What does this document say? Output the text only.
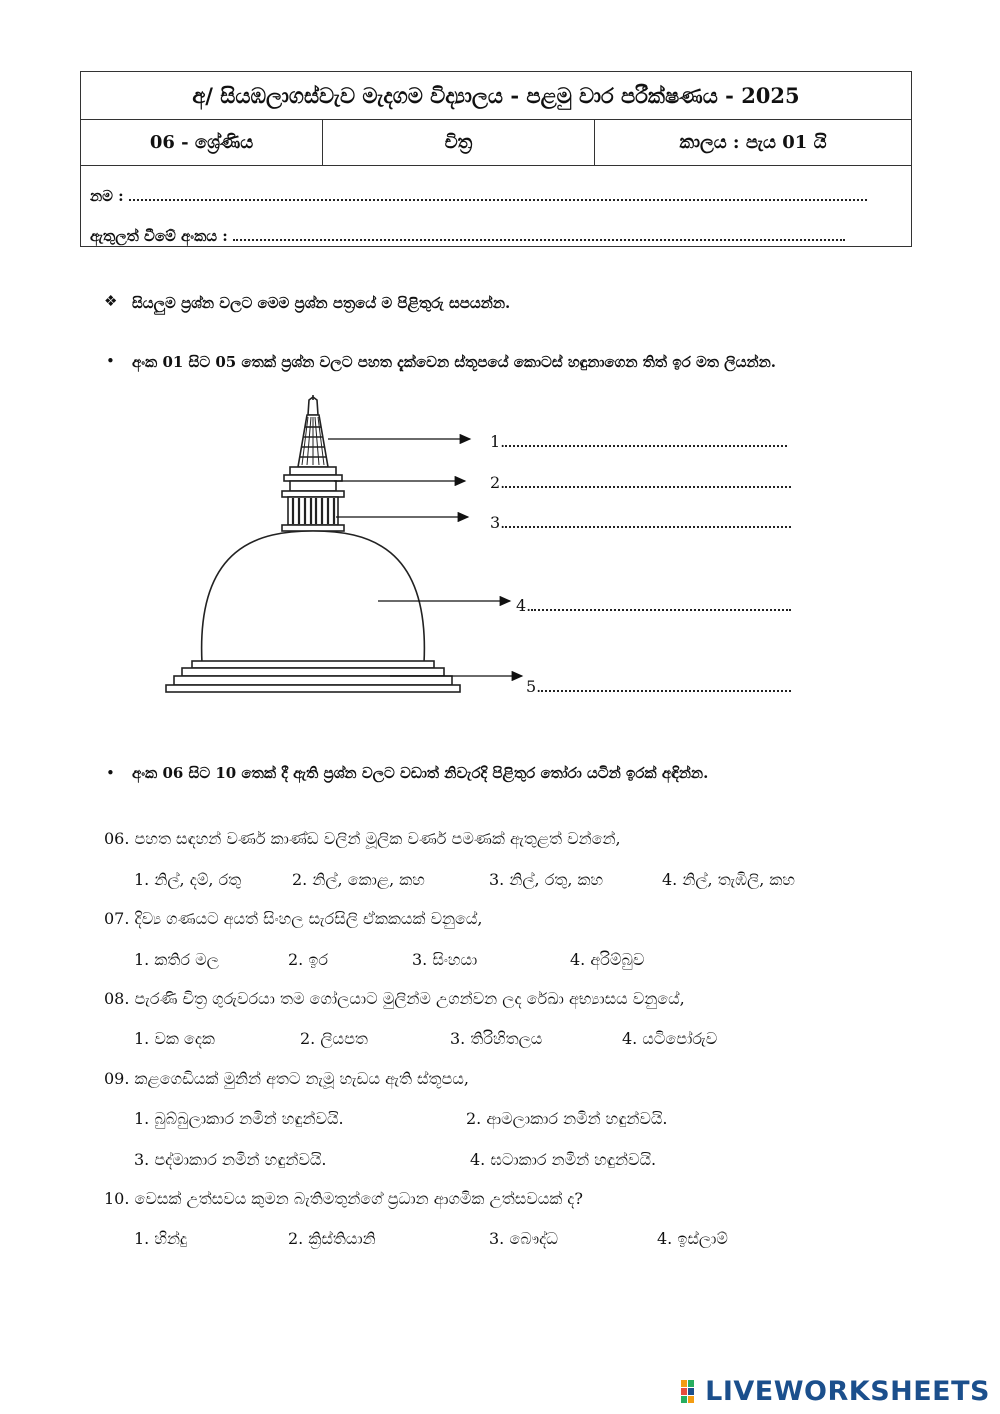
අ/ සියඹලාගස්වැව මැදගම විද්‍යාලය - පළමු වාර පරීක්ෂණය - 2025
06 - ශ්‍රේණිය	චිත්‍ර	කාලය : පැය 01 යි
නම :
ඇතුලත් වීමේ අංකය :
❖ සියලුම ප්‍රශ්න වලට මෙම ප්‍රශ්න පත්‍රයේ ම පිළිතුරු සපයන්න.
• අංක 01 සිට 05 තෙක් ප්‍රශ්න වලට පහත දැක්වෙන ස්තූපයේ කොටස් හඳුනාගෙන තිත් ඉර මත ලියන්න.
1.
2.
3.
4.
5.
• අංක 06 සිට 10 තෙක් දී ඇති ප්‍රශ්න වලට වඩාත් නිවැරදි පිළිතුර තෝරා යටින් ඉරක් අඳින්න.
06. පහත සඳහන් වර්ණ කාණ්ඩ වලින් මූලික වර්ණ පමණක් ඇතුළත් වන්නේ,
1. නිල්, දම්, රතු	2. නිල්, කොළ, කහ	3. නිල්, රතු, කහ	4. නිල්, තැඹිලි, කහ
07. දිව්‍ය ගණයට අයත් සිංහල සැරසිලි ඒකකයක් වනුයේ,
1. කතිර මල	2. ඉර	3. සිංහයා	4. අරිම්බුව
08. පැරණි චිත්‍ර ගුරුවරයා තම ගෝලයාට මුලින්ම උගන්වන ලද රේඛා අභ්‍යාසය වනුයේ,
1. වක දෙක	2. ලියපත	3. තිරිහිතලය	4. යටිපෝරුව
09. කළගෙඩියක් මුනින් අතට නැමූ හැඩය ඇති ස්තූපය,
1. බුබ්බුලාකාර නමින් හඳුන්වයි.	2. ආමලාකාර නමින් හඳුන්වයි.
3. පද්මාකාර නමින් හඳුන්වයි.	4. ඝටාකාර නමින් හඳුන්වයි.
10. වෙසක් උත්සවය කුමන බැතිමතුන්ගේ ප්‍රධාන ආගමික උත්සවයක් ද?
1. හින්දු	2. ක්‍රිස්තියානි	3. බෞද්ධ	4. ඉස්ලාම්
LIVEWORKSHEETS
